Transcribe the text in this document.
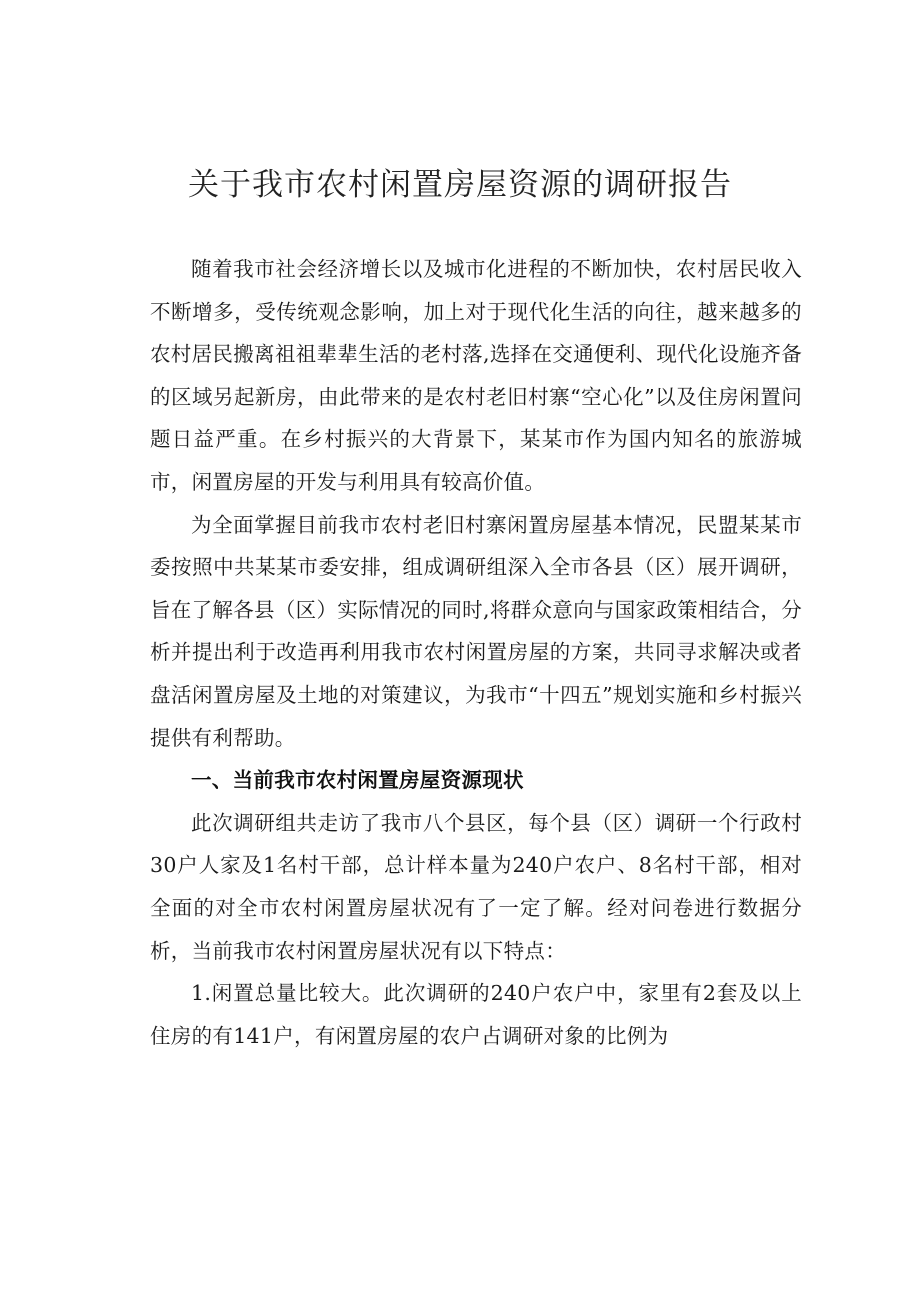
关于我市农村闲置房屋资源的调研报告

随着我市社会经济增长以及城市化进程的不断加快，农村居民收入不断增多，受传统观念影响，加上对于现代化生活的向往，越来越多的农村居民搬离祖祖辈辈生活的老村落,选择在交通便利、现代化设施齐备的区域另起新房，由此带来的是农村老旧村寨“空心化”以及住房闲置问题日益严重。在乡村振兴的大背景下，某某市作为国内知名的旅游城市，闲置房屋的开发与利用具有较高价值。

为全面掌握目前我市农村老旧村寨闲置房屋基本情况，民盟某某市委按照中共某某市委安排，组成调研组深入全市各县（区）展开调研，旨在了解各县（区）实际情况的同时,将群众意向与国家政策相结合，分析并提出利于改造再利用我市农村闲置房屋的方案，共同寻求解决或者盘活闲置房屋及土地的对策建议，为我市“十四五”规划实施和乡村振兴提供有利帮助。

一、当前我市农村闲置房屋资源现状

此次调研组共走访了我市八个县区，每个县（区）调研一个行政村30户人家及1名村干部，总计样本量为240户农户、8名村干部，相对全面的对全市农村闲置房屋状况有了一定了解。经对问卷进行数据分析，当前我市农村闲置房屋状况有以下特点：

1.闲置总量比较大。此次调研的240户农户中，家里有2套及以上住房的有141户，有闲置房屋的农户占调研对象的比例为
